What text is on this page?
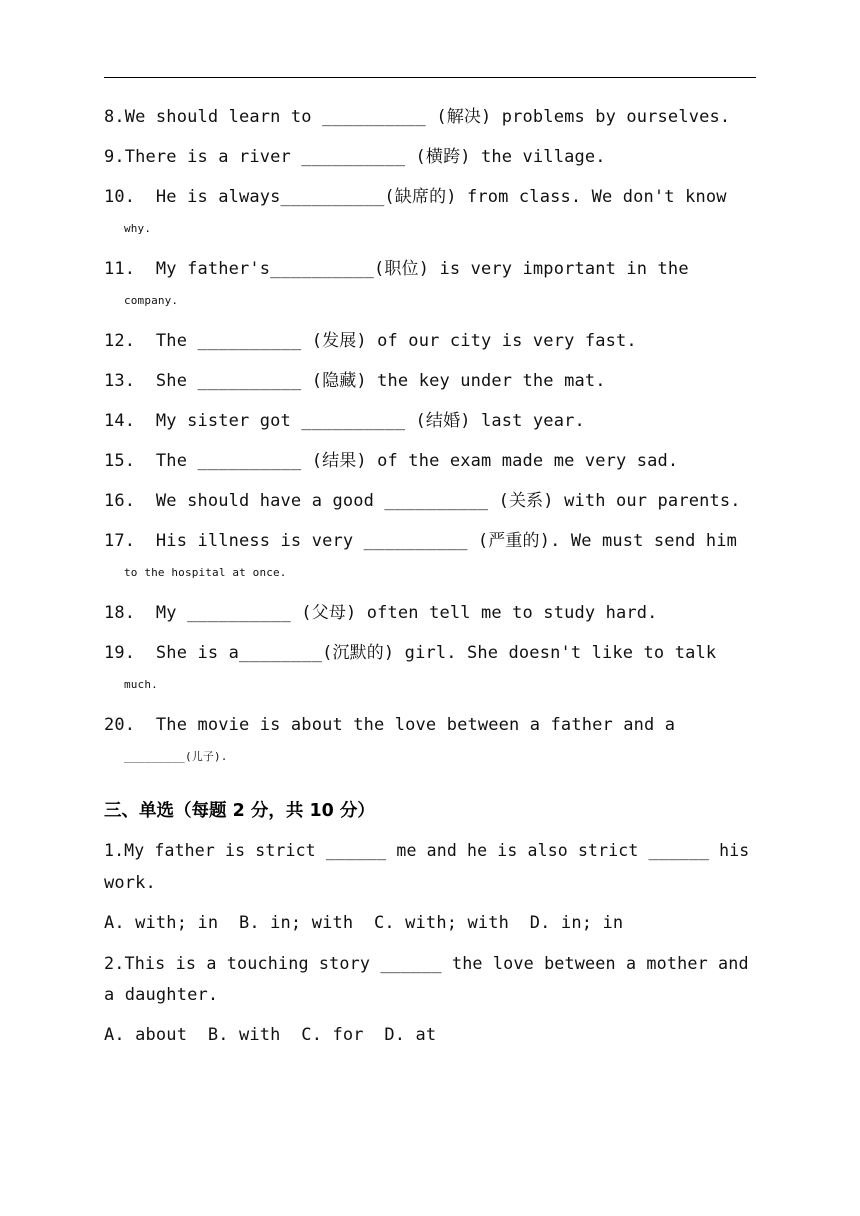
8.We should learn to __________ (解决) problems by ourselves.

9.There is a river __________ (横跨) the village.

10.  He is always__________(缺席的) from class. We don't know

why.

11.  My father's__________(职位) is very important in the

company.

12.  The __________ (发展) of our city is very fast.

13.  She __________ (隐藏) the key under the mat.

14.  My sister got __________ (结婚) last year.

15.  The __________ (结果) of the exam made me very sad.

16.  We should have a good __________ (关系) with our parents.

17.  His illness is very __________ (严重的). We must send him

to the hospital at once.

18.  My __________ (父母) often tell me to study hard.

19.  She is a________(沉默的) girl. She doesn't like to talk

much.

20.  The movie is about the love between a father and a

_________(儿子).

三、单选（每题 2 分，共 10 分）

1.My father is strict ______ me and he is also strict ______ his

work.

A. with; in  B. in; with  C. with; with  D. in; in

2.This is a touching story ______ the love between a mother and

a daughter.

A. about  B. with  C. for  D. at
